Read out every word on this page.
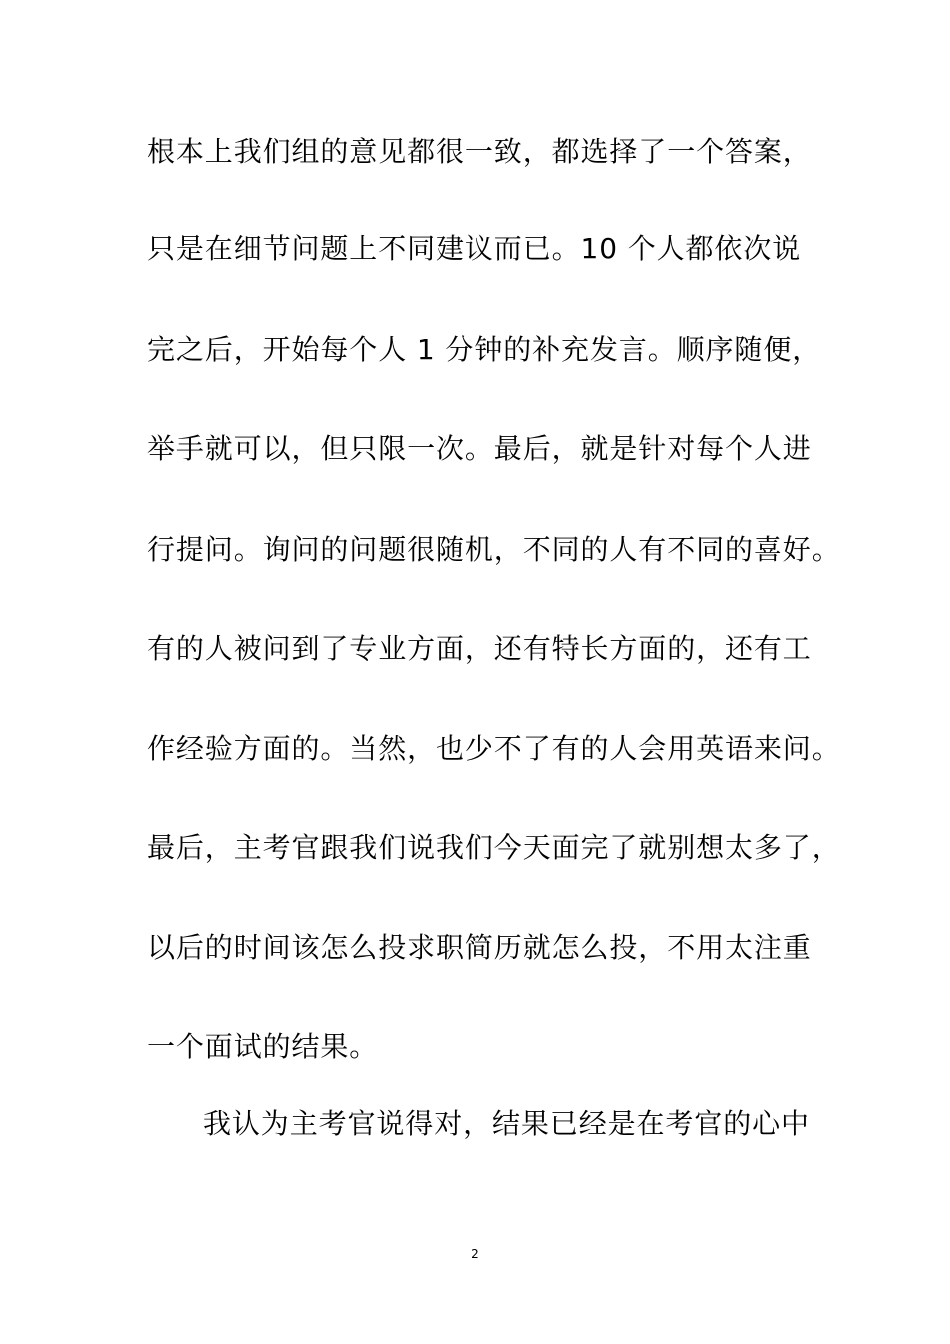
根本上我们组的意见都很一致，都选择了一个答案，
只是在细节问题上不同建议而已。10 个人都依次说
完之后，开始每个人 1 分钟的补充发言。顺序随便，
举手就可以，但只限一次。最后，就是针对每个人进
行提问。询问的问题很随机，不同的人有不同的喜好。
有的人被问到了专业方面，还有特长方面的，还有工
作经验方面的。当然，也少不了有的人会用英语来问。
最后，主考官跟我们说我们今天面完了就别想太多了，
以后的时间该怎么投求职简历就怎么投，不用太注重
一个面试的结果。
我认为主考官说得对，结果已经是在考官的心中
2
